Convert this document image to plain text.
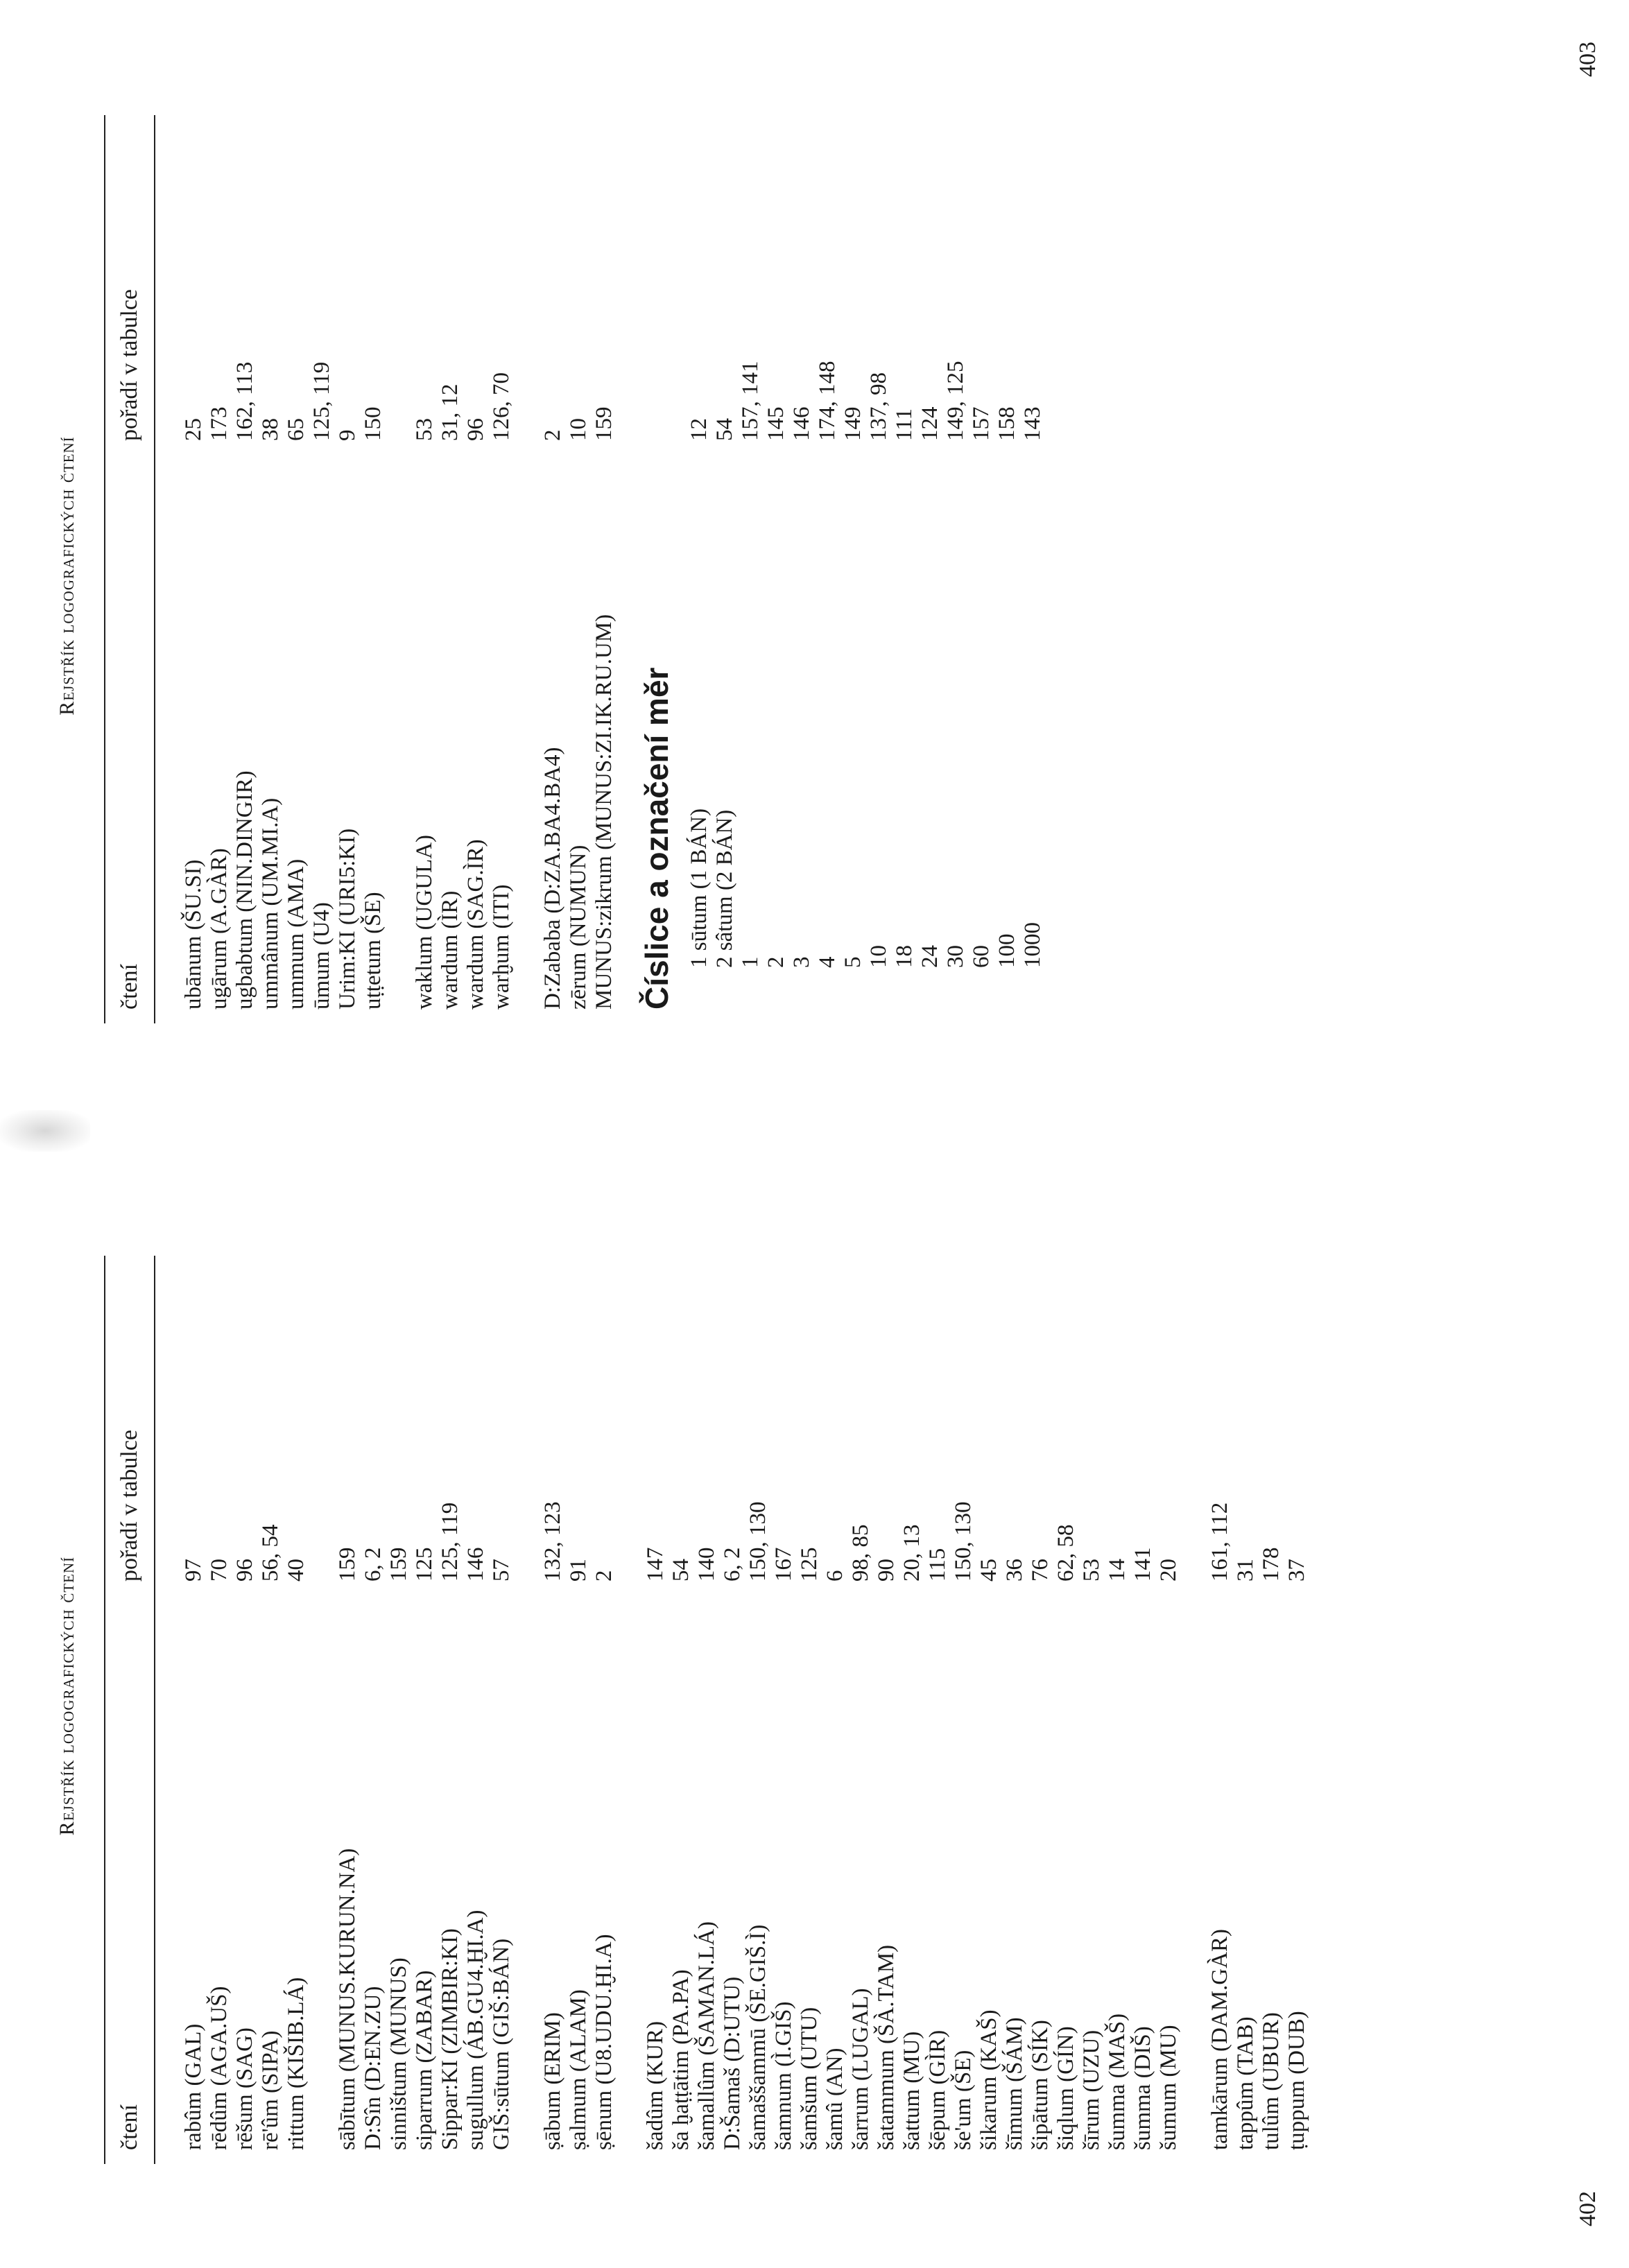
Rejstřík logografických čtení
čtení
pořadí v tabulce
rabûm (GAL)
97
rēdûm (AGA.UŠ)
70
rēšum (SAG)
96
rē'ûm (SIPA)
56, 54
rittum (KIŠIB.LÁ)
40
sābītum (MUNUS.KURUN.NA)
159
D:Sîn (D:EN.ZU)
6, 2
sinništum (MUNUS)
159
siparrum (ZABAR)
125
Sippar:KI (ZIMBIR:KI)
125, 119
sugullum (ÁB.GU4.ḪI.A)
146
GIŠ:sūtum (GIŠ:BÁN)
57
ṣābum (ERIM)
132, 123
ṣalmum (ALAM)
91
ṣēnum (U8.UDU.ḪI.A)
2
šadûm (KUR)
147
ša ḫaṭṭātim (PA.PA)
54
šamallûm (ŠAMAN.LÁ)
140
D:Šamaš (D:UTU)
6, 2
šamaššammū (ŠE.GIŠ.Ì)
150, 130
šamnum (Ì.GIŠ)
167
šamšum (UTU)
125
šamû (AN)
6
šarrum (LUGAL)
98, 85
šatammum (ŠÀ.TAM)
90
šattum (MU)
20, 13
šēpum (GÌR)
115
še'um (ŠE)
150, 130
šikarum (KAŠ)
45
šīmum (ŠÁM)
36
šipātum (SÍK)
76
šiqlum (GÍN)
62, 58
šīrum (UZU)
53
šumma (MAŠ)
14
šumma (DIŠ)
141
šumum (MU)
20
tamkārum (DAM.GÀR)
161, 112
tappûm (TAB)
31
tulûm (UBUR)
178
ṭuppum (DUB)
37
402
Rejstřík logografických čtení
čtení
pořadí v tabulce
ubānum (ŠU.SI)
25
ugārum (A.GÀR)
173
ugbabtum (NIN.DINGIR)
162, 113
ummânum (UM.MI.A)
38
ummum (AMA)
65
ūmum (U4)
125, 119
Urim:KI (URI5:KI)
9
uṭṭetum (ŠE)
150
waklum (UGULA)
53
wardum (ÌR)
31, 12
wardum (SAG.ÌR)
96
warḫum (ITI)
126, 70
D:Zababa (D:ZA.BA4.BA4)
2
zērum (NUMUN)
10
MUNUS:zikrum (MUNUS:ZI.IK.RU.UM)
159
Číslice a označení měr 1 sūtum (1 BÁN)
12
2 sâtum (2 BÁN)
54
1
157, 141
2
145
3
146
4
174, 148
5
149
10
137, 98
18
111
24
124
30
149, 125
60
157
100
158
1000
143
403
